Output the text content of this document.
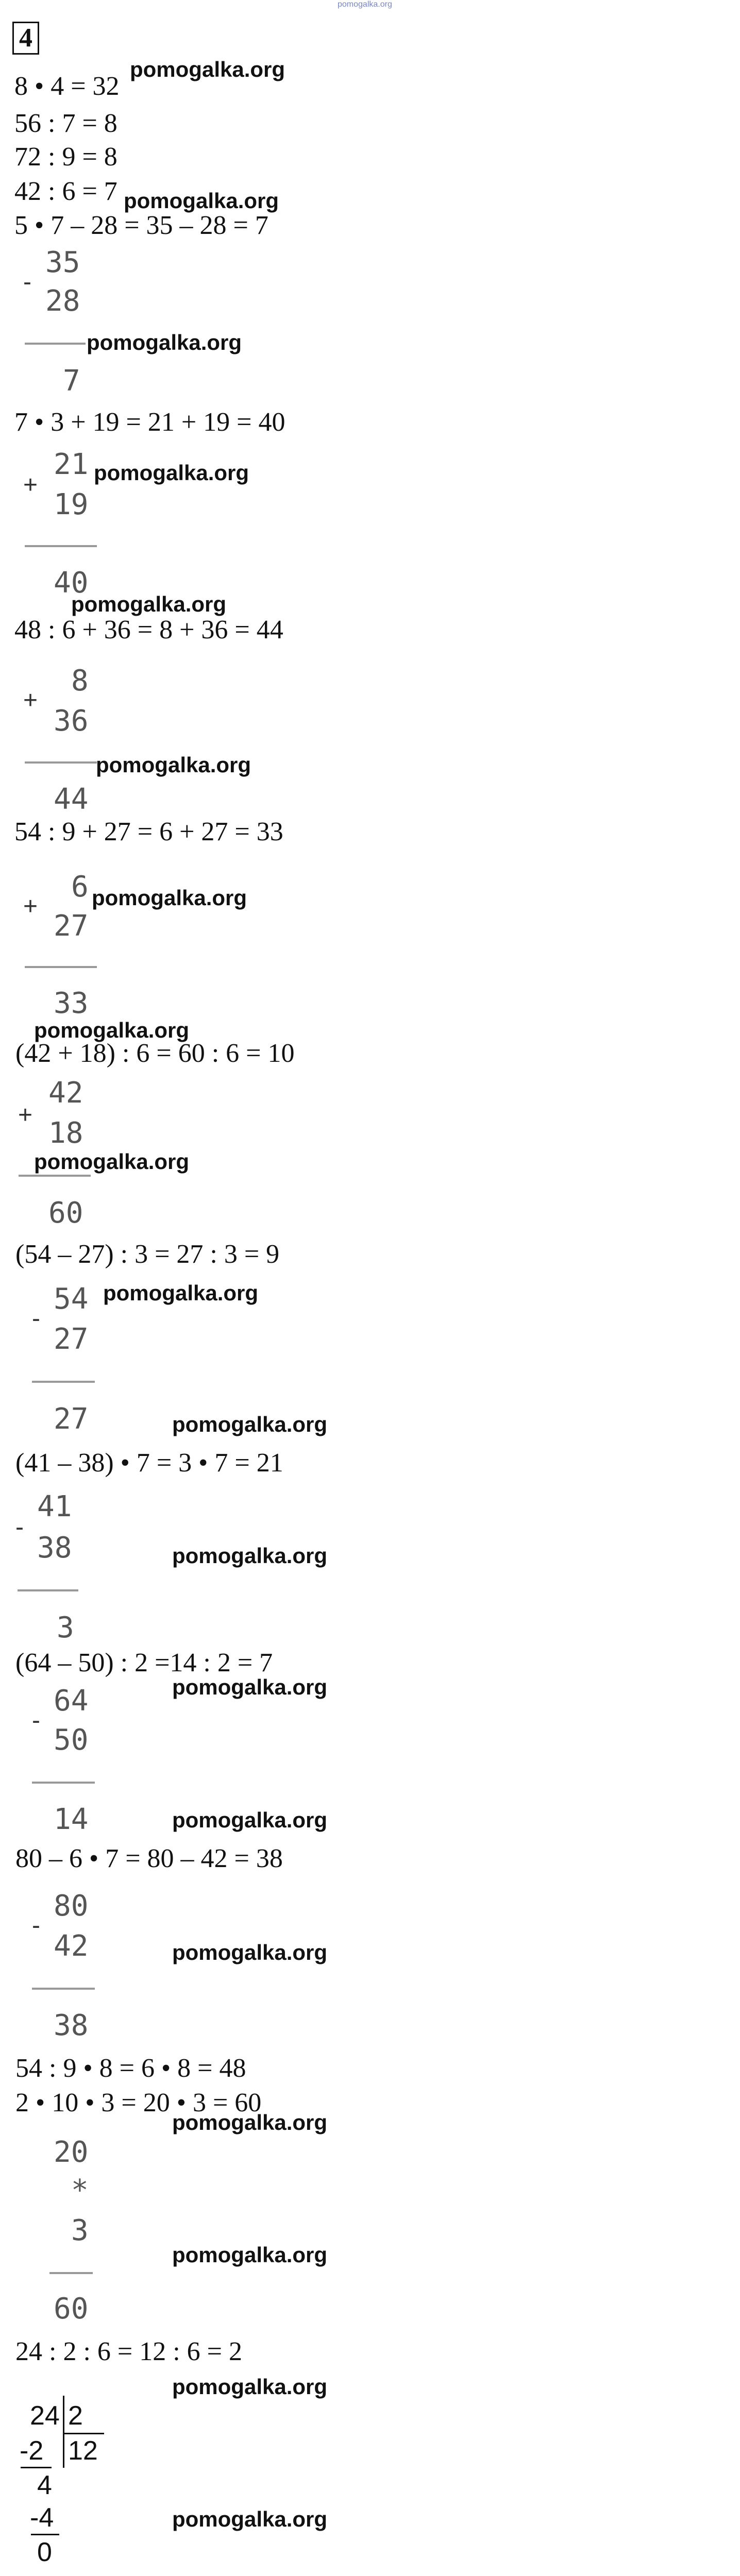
pomogalka.org
4
8 • 4 = 32
pomogalka.org
56 : 7 = 8
72 : 9 = 8
42 : 6 = 7 pomogalka.org
5 • 7 – 28 = 35 – 28 = 7
-
35
28
pomogalka.org
7
7 • 3 + 19 = 21 + 19 = 40
+
21 pomogalka.org
19
40
pomogalka.org
48 : 6 + 36 = 8 + 36 = 44
+
8
36
pomogalka.org
44
54 : 9 + 27 = 6 + 27 = 33
+
6 pomogalka.org
27
33
pomogalka.org
(42 + 18) : 6 = 60 : 6 = 10
+
42
18
pomogalka.org
60
(54 – 27) : 3 = 27 : 3 = 9
-
54 pomogalka.org
27
27	pomogalka.org
(41 – 38) • 7 = 3 • 7 = 21
-
41
38	pomogalka.org
3
(64 – 50) : 2 =14 : 2 = 7
pomogalka.org
-
64
50
14	pomogalka.org
80 – 6 • 7 = 80 – 42 = 38
-
80
pomogalka.org
42
38
54 : 9 • 8 = 6 • 8 = 48
2 • 10 • 3 = 20 • 3 = 60
pomogalka.org
20
*
3
pomogalka.org
60
24 : 2 : 6 = 12 : 6 = 2
pomogalka.org
24 2
12
-2
4
-4	pomogalka.org
0
